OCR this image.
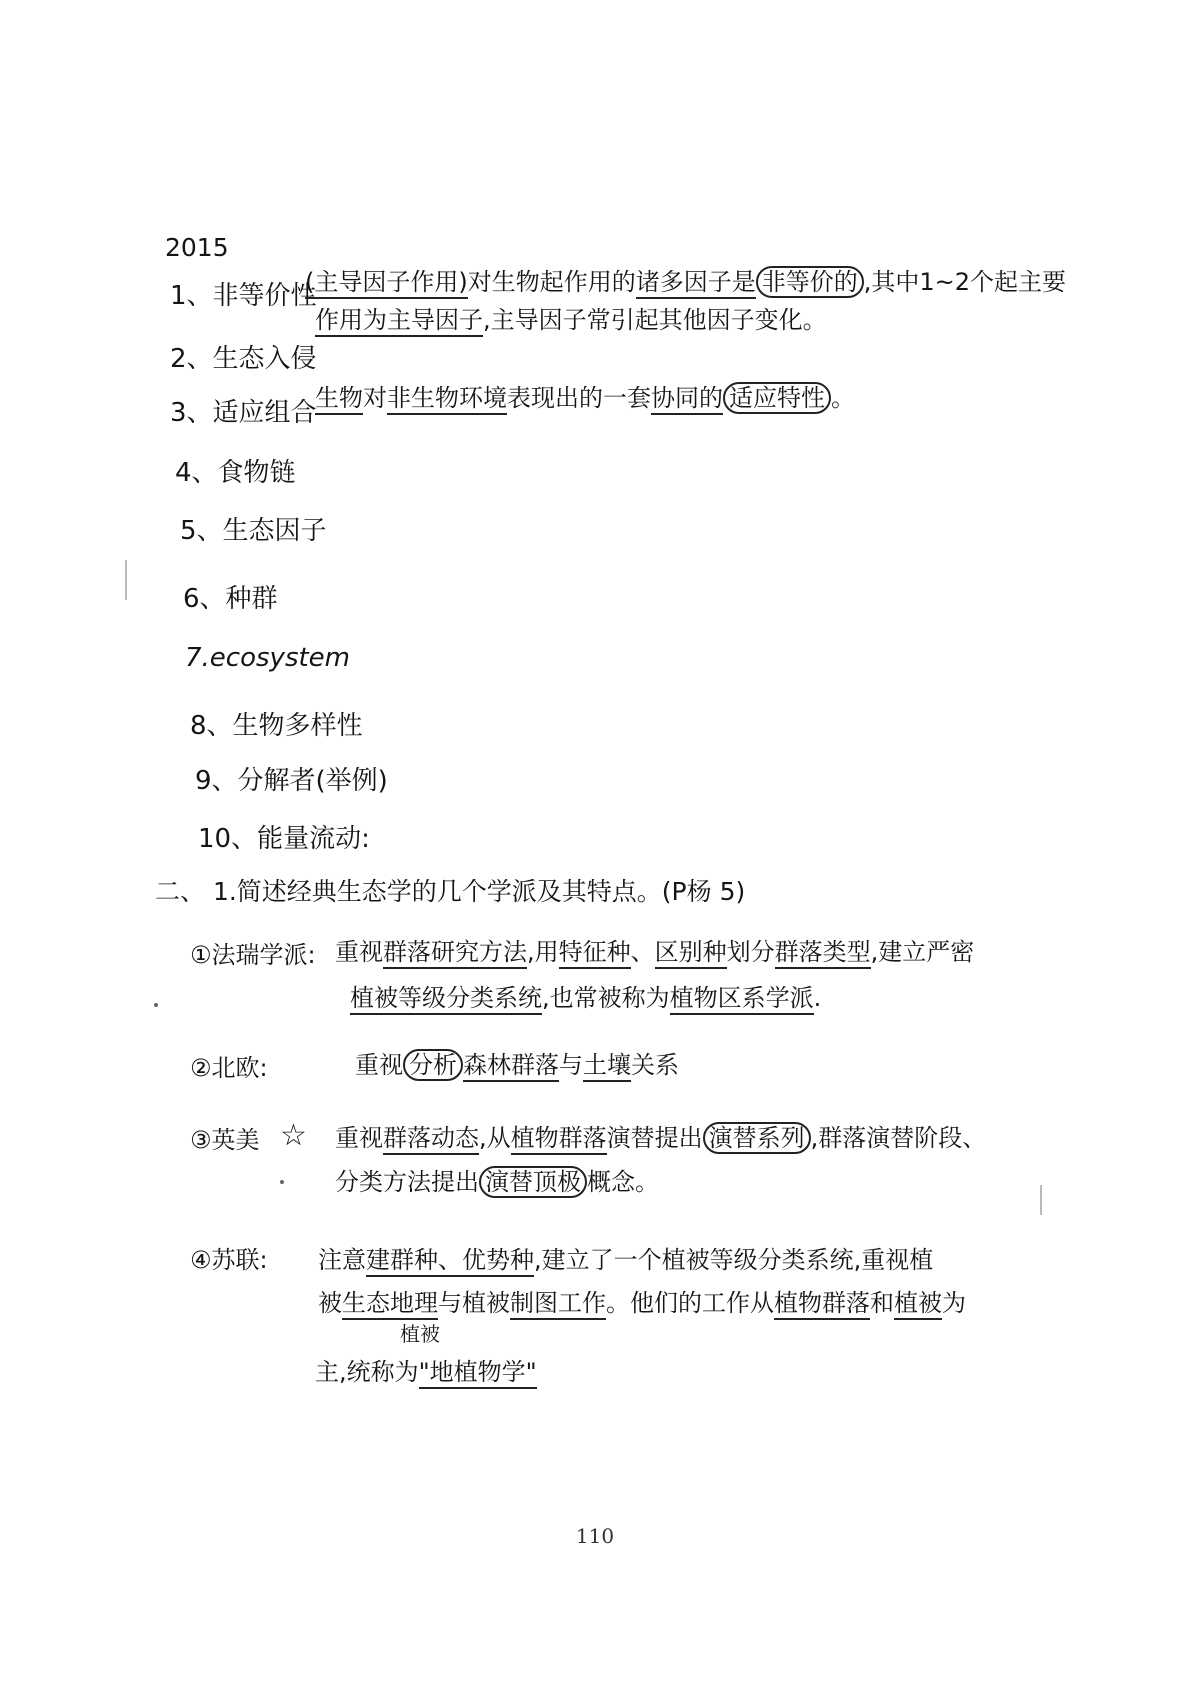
2015
1、非等价性
2、生态入侵
3、适应组合
4、食物链
5、生态因子
6、种群
7.ecosystem
8、生物多样性
9、分解者(举例)
10、能量流动:
(主导因子作用)对生物起作用的诸多因子是 非等价的 ,其中1~2个起主要
作用为主导因子,主导因子常引起其他因子变化。
生物对非生物环境表现出的一套协同的 适应特性 。
二、 1.简述经典生态学的几个学派及其特点。(P杨 5)
①法瑞学派: 重视群落研究方法,用特征种、区别种划分群落类型,建立严密
植被等级分类系统,也常被称为植物区系学派.
②北欧:	重视 分析 森林群落与土壤关系
③英美 ☆ 重视群落动态,从植物群落演替提出 演替系列 ,群落演替阶段、
分类方法提出 演替顶极 概念。
④苏联: 注意建群种、优势种,建立了一个植被等级分类系统,重视植
被生态地理与植被制图工作。他们的工作从植物群落和植被为
植被
主,统称为"地植物学"
110
